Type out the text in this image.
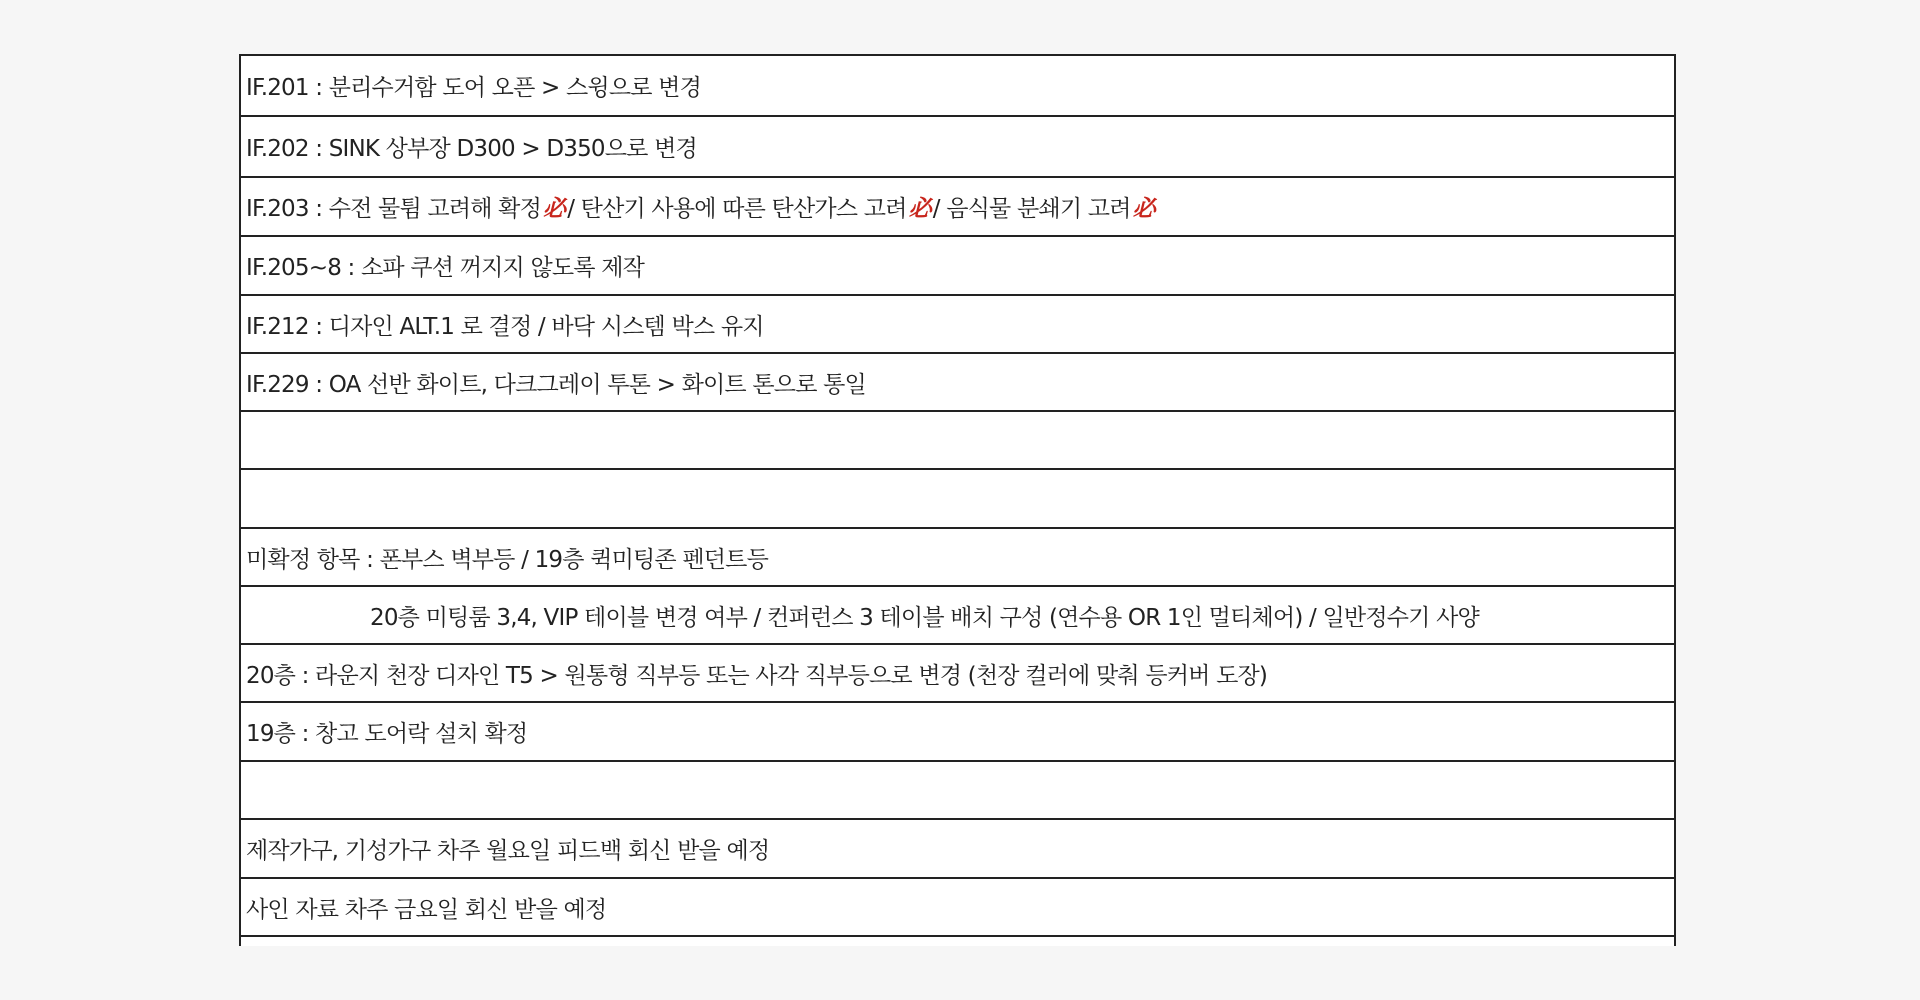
IF.201 : 분리수거함 도어 오픈 > 스윙으로 변경
IF.202 : SINK 상부장 D300 > D350으로 변경
IF.203 : 수전 물튐 고려해 확정 必 / 탄산기 사용에 따른 탄산가스 고려 必 / 음식물 분쇄기 고려 必
IF.205~8 : 소파 쿠션 꺼지지 않도록 제작
IF.212 : 디자인 ALT.1 로 결정 / 바닥 시스템 박스 유지
IF.229 : OA 선반 화이트, 다크그레이 투톤 > 화이트 톤으로 통일
미확정 항목 : 폰부스 벽부등 / 19층 퀵미팅존 펜던트등
20층 미팅룸 3,4, VIP 테이블 변경 여부 / 컨퍼런스 3 테이블 배치 구성 (연수용 OR 1인 멀티체어) / 일반정수기 사양
20층 : 라운지 천장 디자인 T5 > 원통형 직부등 또는 사각 직부등으로 변경 (천장 컬러에 맞춰 등커버 도장)
19층 : 창고 도어락 설치 확정
제작가구, 기성가구 차주 월요일 피드백 회신 받을 예정
사인 자료 차주 금요일 회신 받을 예정
